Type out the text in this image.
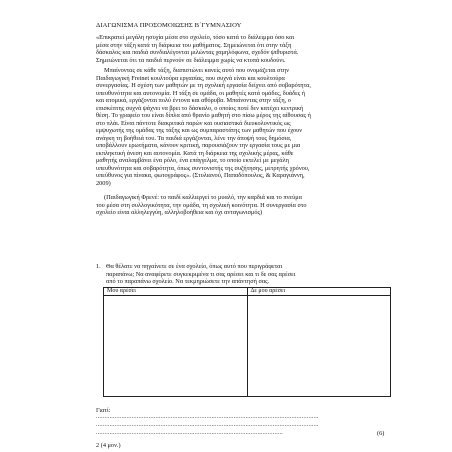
ΔΙΑΓΩΝΙΣΜΑ ΠΡΟΣΟΜΟΙΩΣΗΣ Β΄ΓΥΜΝΑΣΙΟΥ
«Επικρατεί μεγάλη ησυχία μέσα στο σχολείο, τόσο κατά το διάλειμμα όσο και
μέσα στην τάξη κατά τη διάρκεια του μαθήματος. Σημειώνεται ότι στην τάξη
δάσκαλος και παιδιά συνδιαλέγονται μιλώντας χαμηλόφωνα, σχεδόν ψιθυριστά.
Σημειώνεται ότι τα παιδιά περνούν σε διάλειμμα χωρίς να κτυπά κουδούνι.
Μπαίνοντας σε κάθε τάξη, διαπιστώνει κανείς αυτό που ονομάζεται στην
Παιδαγωγική Freinet κουλτούρα εργασίας, που συχνά είναι και κουλτούρα
συνεργασίας. Η σχέση των μαθητών με τη σχολική εργασία δείχνει από σοβαρότητα,
υπευθυνότητα και αυτονομία. Η τάξη σε ομάδα, οι μαθητές κατά ομάδες, δυάδες ή
και ατομικά, εργάζονται πολύ έντονα και αθόρυβα. Μπαίνοντας στην τάξη, ο
επισκέπτης συχνά ψάχνει να βρει το δάσκαλο, ο οποίος ποτέ δεν κατέχει κεντρική
θέση. Το γραφείο του είναι δίπλα από θρανίο μαθητή στο πίσω μέρος της αίθουσας ή
στο πλάι. Είναι πάντοτε διακριτικά παρών και ουσιαστικά διευκολυντικός ως
εμψυχωτής της ομάδας της τάξης και ως συμπαραστάτης των μαθητών που έχουν
ανάγκη τη βοήθειά του. Τα παιδιά εργάζονται, λένε την άποψή τους δημόσια,
υποβάλλουν ερωτήματα, κάνουν κριτική, παρουσιάζουν την εργασία τους με μια
εκπληκτική άνεση και αυτονομία. Κατά τη διάρκεια της σχολικής μέρας, κάθε
μαθητής αναλαμβάνει ένα ρόλο, ένα επάγγελμα, το οποίο εκτελεί με μεγάλη
υπευθυνότητα και σοβαρότητα, όπως συντονιστής της συζήτησης, μετρητής χρόνου,
υπεύθυνος για πίνακα, φωτογράφος». (Στυλιανού, Παπαδόπουλος, & Καραγιάννη,
2009)
(Παιδαγωγική Φρενέ: το παιδί καλλιεργεί το μυαλό, την καρδιά και το πνεύμα
του μέσα στη συλλογικότητα, την ομάδα, τη σχολική κοινότητα. Η συνεργασία στο
σχολείο είναι αλληλεγγύη, αλληλοβοήθεια και όχι ανταγωνισμός)
1. Θα θέλατε να πηγαίνετε σε ένα σχολείο, όπως αυτό που περιγράφεται
παραπάνω; Να αναφέρετε συγκεκριμένα τι σας αρέσει και τι δε σας αρέσει
από το παραπάνω σχολείο. Να τεκμηριώσετε την απάντησή σας.
Μου αρέσει	Δε μου αρέσει

Γιατί:
...................................................................................................................................
...................................................................................................................................
..............................................................................................................	(6)
2 (4 μον.)
